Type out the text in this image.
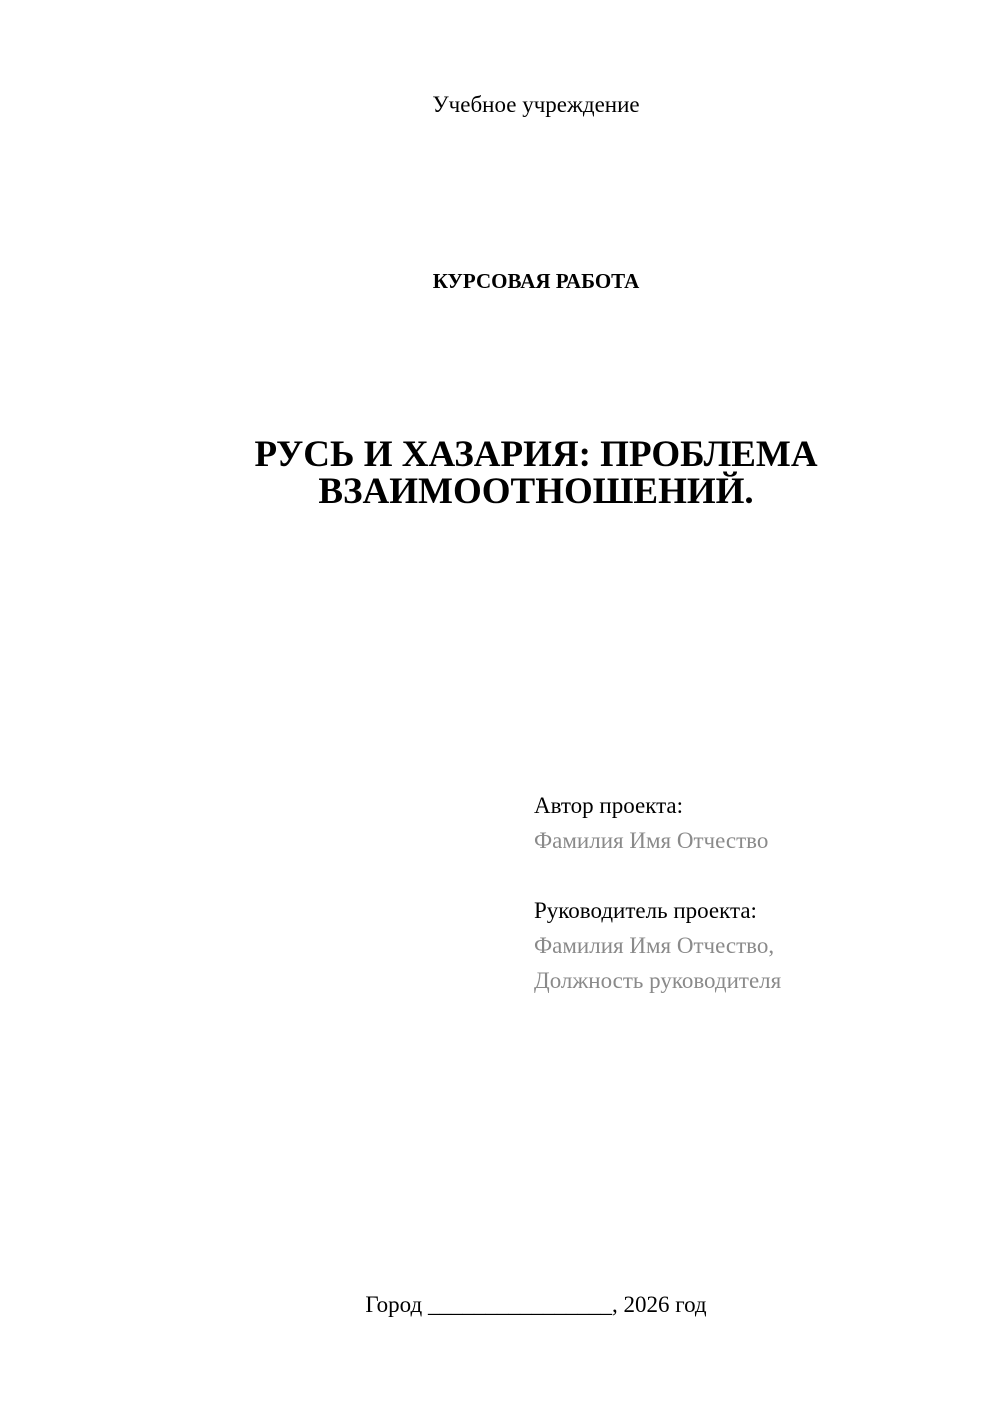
Учебное учреждение
КУРСОВАЯ РАБОТА
РУСЬ И ХАЗАРИЯ: ПРОБЛЕМА
ВЗАИМООТНОШЕНИЙ.
Автор проекта:
Фамилия Имя Отчество
Руководитель проекта:
Фамилия Имя Отчество,
Должность руководителя
Город ________________, 2026 год
